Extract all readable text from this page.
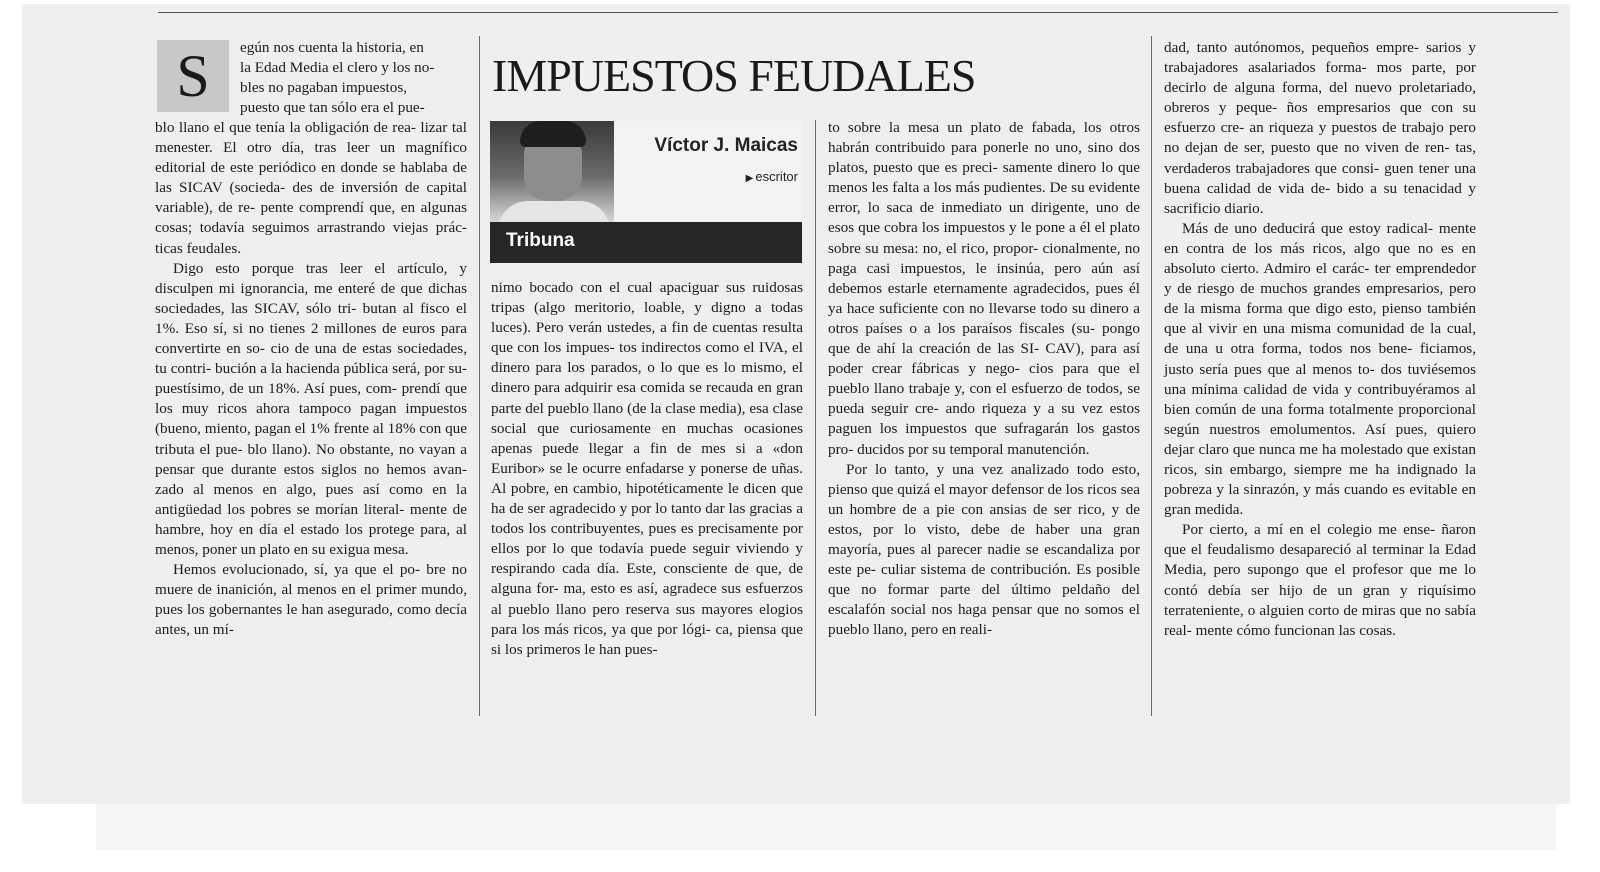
S	egún nos cuenta la historia, en

la Edad Media el clero y los no-

bles no pagaban impuestos,

puesto que tan sólo era el pue-

blo llano el que tenía la obligación de rea- lizar tal menester. El otro día, tras leer un magnífico editorial de este periódico en donde se hablaba de las SICAV (socieda- des de inversión de capital variable), de re- pente comprendí que, en algunas cosas; todavía seguimos arrastrando viejas prác- ticas feudales.

Digo esto porque tras leer el artículo, y disculpen mi ignorancia, me enteré de que dichas sociedades, las SICAV, sólo tri- butan al fisco el 1%. Eso sí, si no tienes 2 millones de euros para convertirte en so- cio de una de estas sociedades, tu contri- bución a la hacienda pública será, por su- puestísimo, de un 18%. Así pues, com- prendí que los muy ricos ahora tampoco pagan impuestos (bueno, miento, pagan el 1% frente al 18% con que tributa el pue- blo llano). No obstante, no vayan a pensar que durante estos siglos no hemos avan- zado al menos en algo, pues así como en la antigüedad los pobres se morían literal- mente de hambre, hoy en día el estado los protege para, al menos, poner un plato en su exigua mesa.

Hemos evolucionado, sí, ya que el po- bre no muere de inanición, al menos en el primer mundo, pues los gobernantes le han asegurado, como decía antes, un mí-

IMPUESTOS FEUDALES
Víctor J. Maicas
▶ escritor
Tribuna

nimo bocado con el cual apaciguar sus ruidosas tripas (algo meritorio, loable, y digno a todas luces). Pero verán ustedes, a fin de cuentas resulta que con los impues- tos indirectos como el IVA, el dinero para los parados, o lo que es lo mismo, el dinero para adquirir esa comida se recauda en gran parte del pueblo llano (de la clase media), esa clase social que curiosamente en muchas ocasiones apenas puede llegar a fin de mes si a «don Euribor» se le ocurre enfadarse y ponerse de uñas. Al pobre, en cambio, hipotéticamente le dicen que ha de ser agradecido y por lo tanto dar las gracias a todos los contribuyentes, pues es precisamente por ellos por lo que todavía puede seguir viviendo y respirando cada día. Este, consciente de que, de alguna for- ma, esto es así, agradece sus esfuerzos al pueblo llano pero reserva sus mayores elogios para los más ricos, ya que por lógi- ca, piensa que si los primeros le han pues-

to sobre la mesa un plato de fabada, los otros habrán contribuido para ponerle no uno, sino dos platos, puesto que es preci- samente dinero lo que menos les falta a los más pudientes. De su evidente error, lo saca de inmediato un dirigente, uno de esos que cobra los impuestos y le pone a él el plato sobre su mesa: no, el rico, propor- cionalmente, no paga casi impuestos, le insinúa, pero aún así debemos estarle eternamente agradecidos, pues él ya hace suficiente con no llevarse todo su dinero a otros países o a los paraísos fiscales (su- pongo que de ahí la creación de las SI- CAV), para así poder crear fábricas y nego- cios para que el pueblo llano trabaje y, con el esfuerzo de todos, se pueda seguir cre- ando riqueza y a su vez estos paguen los impuestos que sufragarán los gastos pro- ducidos por su temporal manutención.

Por lo tanto, y una vez analizado todo esto, pienso que quizá el mayor defensor de los ricos sea un hombre de a pie con ansias de ser rico, y de estos, por lo visto, debe de haber una gran mayoría, pues al parecer nadie se escandaliza por este pe- culiar sistema de contribución. Es posible que no formar parte del último peldaño del escalafón social nos haga pensar que no somos el pueblo llano, pero en reali-

dad, tanto autónomos, pequeños empre- sarios y trabajadores asalariados forma- mos parte, por decirlo de alguna forma, del nuevo proletariado, obreros y peque- ños empresarios que con su esfuerzo cre- an riqueza y puestos de trabajo pero no dejan de ser, puesto que no viven de ren- tas, verdaderos trabajadores que consi- guen tener una buena calidad de vida de- bido a su tenacidad y sacrificio diario.

Más de uno deducirá que estoy radical- mente en contra de los más ricos, algo que no es en absoluto cierto. Admiro el carác- ter emprendedor y de riesgo de muchos grandes empresarios, pero de la misma forma que digo esto, pienso también que al vivir en una misma comunidad de la cual, de una u otra forma, todos nos bene- ficiamos, justo sería pues que al menos to- dos tuviésemos una mínima calidad de vida y contribuyéramos al bien común de una forma totalmente proporcional según nuestros emolumentos. Así pues, quiero dejar claro que nunca me ha molestado que existan ricos, sin embargo, siempre me ha indignado la pobreza y la sinrazón, y más cuando es evitable en gran medida.

Por cierto, a mí en el colegio me ense- ñaron que el feudalismo desapareció al terminar la Edad Media, pero supongo que el profesor que me lo contó debía ser hijo de un gran y riquísimo terrateniente, o alguien corto de miras que no sabía real- mente cómo funcionan las cosas.
